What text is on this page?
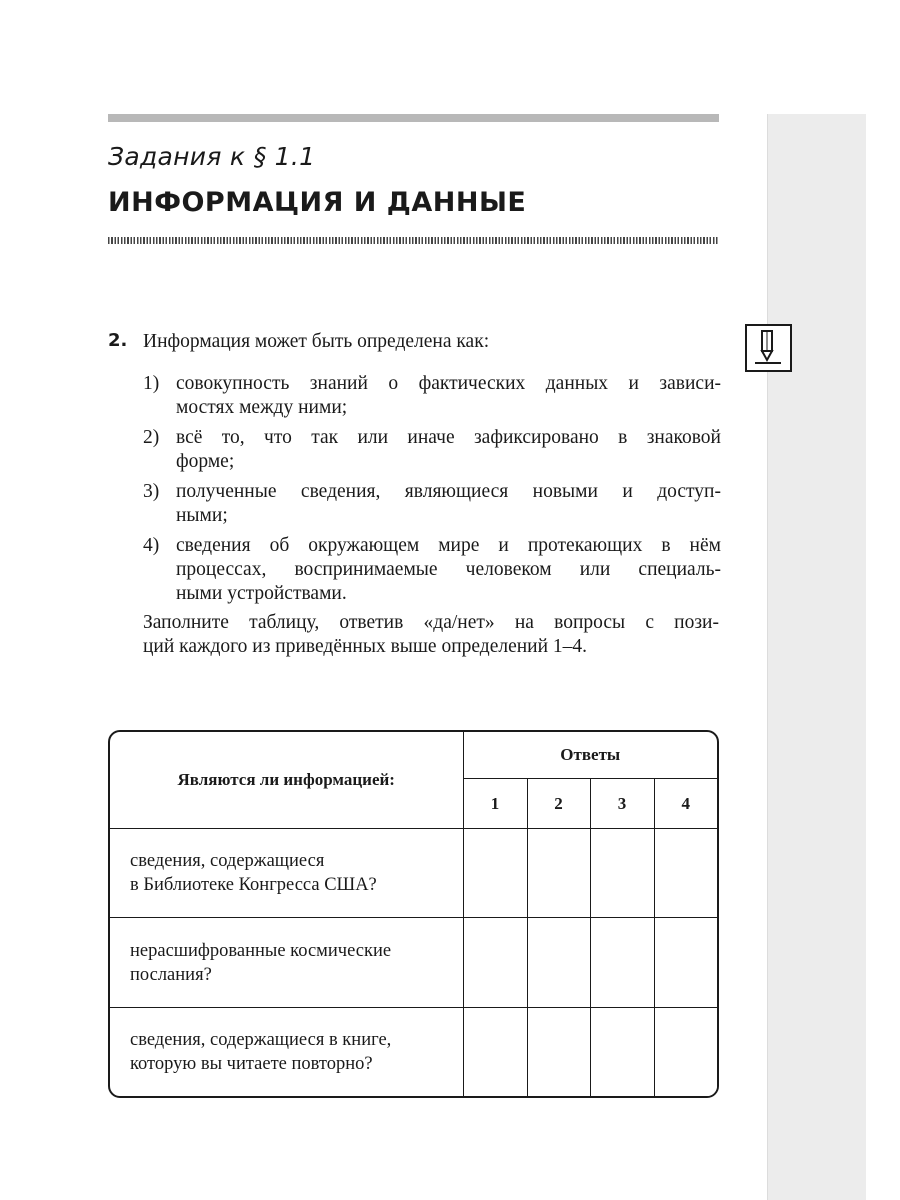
Задания к § 1.1
ИНФОРМАЦИЯ И ДАННЫЕ
2. Информация может быть определена как:
1) совокупность знаний о фактических данных и зависи-
мостях между ними;
2) всё то, что так или иначе зафиксировано в знаковой
форме;
3) полученные сведения, являющиеся новыми и доступ-
ными;
4) сведения об окружающем мире и протекающих в нём
процессах, воспринимаемые человеком или специаль-
ными устройствами.
Заполните таблицу, ответив «да/нет» на вопросы с пози-
ций каждого из приведённых выше определений 1–4.
Являются ли информацией:	Ответы			
	1	2	3	4

сведения, содержащиеся
в Библиотеке Конгресса США?				

нерасшифрованные космические
послания?				

сведения, содержащиеся в книге,
которую вы читаете повторно?				
